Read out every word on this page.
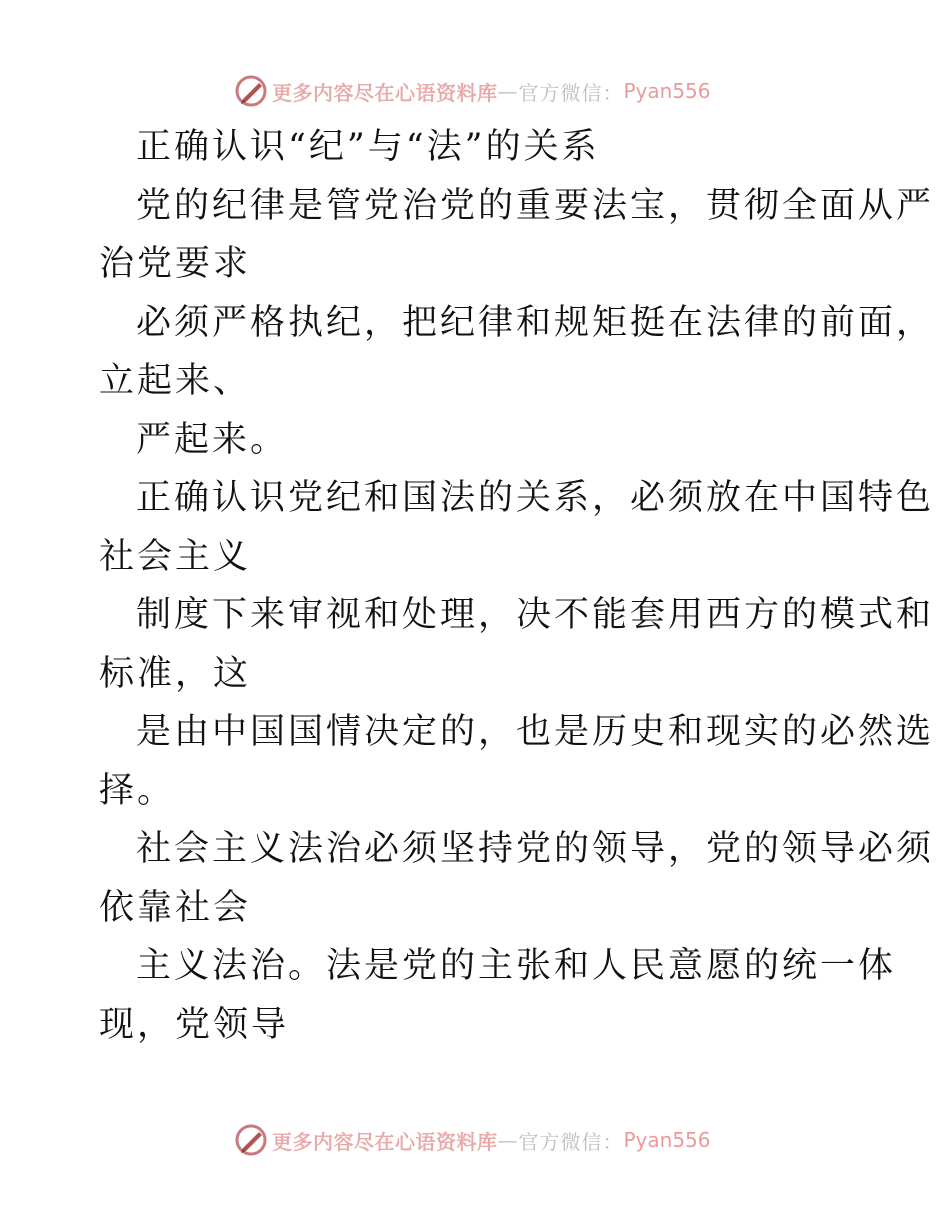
更多内容尽在心语资料库 — 官方微信： Pyan556
正确认识“纪”与“法”的关系
党的纪律是管党治党的重要法宝，贯彻全面从严
治党要求
必须严格执纪，把纪律和规矩挺在法律的前面，
立起来、
严起来。
正确认识党纪和国法的关系，必须放在中国特色
社会主义
制度下来审视和处理，决不能套用西方的模式和
标准，这
是由中国国情决定的，也是历史和现实的必然选
择。
社会主义法治必须坚持党的领导，党的领导必须
依靠社会
主义法治。法是党的主张和人民意愿的统一体
现，党领导
更多内容尽在心语资料库 — 官方微信： Pyan556
